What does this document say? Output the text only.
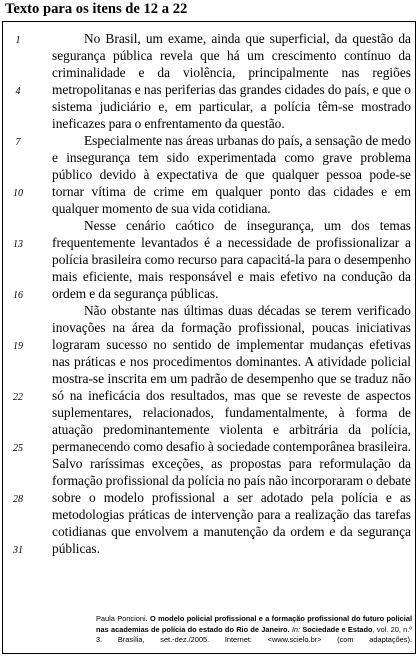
Texto para os itens de 12 a 22
1
4
7
10
13
16
19
22
25
28
31

No Brasil, um exame, ainda que superficial, da questão da segurança pública revela que há um crescimento contínuo da criminalidade e da violência, principalmente nas regiões metropolitanas e nas periferias das grandes cidades do país, e que o sistema judiciário e, em particular, a polícia têm-se mostrado ineficazes para o enfrentamento da questão.

Especialmente nas áreas urbanas do país, a sensação de medo e insegurança tem sido experimentada como grave problema público devido à expectativa de que qualquer pessoa pode-se tornar vítima de crime em qualquer ponto das cidades e em qualquer momento de sua vida cotidiana.

Nesse cenário caótico de insegurança, um dos temas frequentemente levantados é a necessidade de profissionalizar a polícia brasileira como recurso para capacitá-la para o desempenho mais eficiente, mais responsável e mais efetivo na condução da ordem e da segurança públicas.

Não obstante nas últimas duas décadas se terem verificado inovações na área da formação profissional, poucas iniciativas lograram sucesso no sentido de implementar mudanças efetivas nas práticas e nos procedimentos dominantes. A atividade policial mostra-se inscrita em um padrão de desempenho que se traduz não só na ineficácia dos resultados, mas que se reveste de aspectos suplementares, relacionados, fundamentalmente, à forma de atuação predominantemente violenta e arbitrária da polícia, permanecendo como desafio à sociedade contemporânea brasileira. Salvo raríssimas exceções, as propostas para reformulação da formação profissional da polícia no país não incorporaram o debate sobre o modelo profissional a ser adotado pela polícia e as metodologias práticas de intervenção para a realização das tarefas cotidianas que envolvem a manutenção da ordem e da segurança públicas.

Paula Poncioni. O modelo policial profissional e a formação profissional do futuro policial nas academias de polícia do estado do Rio de Janeiro. In: Sociedade e Estado, vol. 20, n.º 3. Brasília, set.-dez./2005. Internet: <www.scielo.br> (com adaptações).
